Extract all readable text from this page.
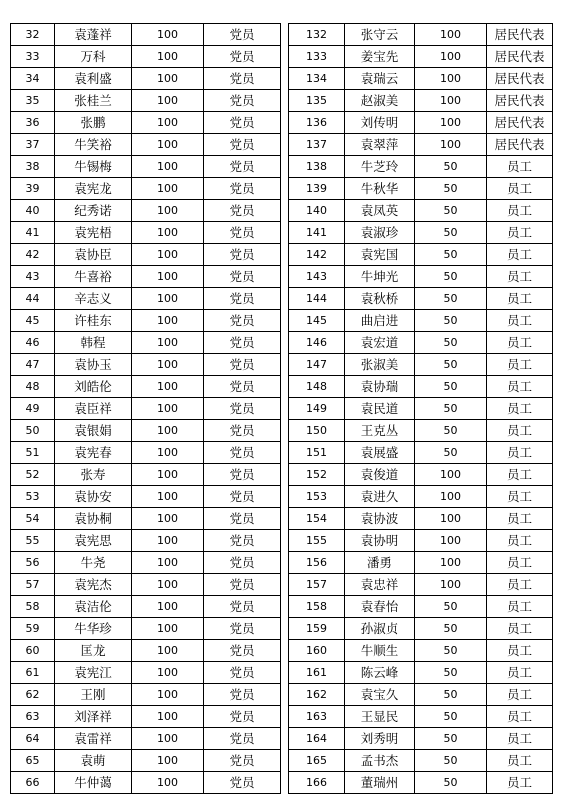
32	袁蓬祥	100	党员
33	万科	100	党员
34	袁利盛	100	党员
35	张桂兰	100	党员
36	张鹏	100	党员
37	牛笑裕	100	党员
38	牛锡梅	100	党员
39	袁宪龙	100	党员
40	纪秀诺	100	党员
41	袁宪梧	100	党员
42	袁协臣	100	党员
43	牛喜裕	100	党员
44	辛志义	100	党员
45	许桂东	100	党员
46	韩程	100	党员
47	袁协玉	100	党员
48	刘皓伦	100	党员
49	袁臣祥	100	党员
50	袁银娟	100	党员
51	袁宪春	100	党员
52	张寿	100	党员
53	袁协安	100	党员
54	袁协桐	100	党员
55	袁宪思	100	党员
56	牛尧	100	党员
57	袁宪杰	100	党员
58	袁洁伦	100	党员
59	牛华珍	100	党员
60	匡龙	100	党员
61	袁宪江	100	党员
62	王刚	100	党员
63	刘泽祥	100	党员
64	袁雷祥	100	党员
65	袁萌	100	党员
66	牛仲蔼	100	党员
132	张守云	100	居民代表
133	姜宝先	100	居民代表
134	袁瑞云	100	居民代表
135	赵淑美	100	居民代表
136	刘传明	100	居民代表
137	袁翠萍	100	居民代表
138	牛芝玲	50	员工
139	牛秋华	50	员工
140	袁凤英	50	员工
141	袁淑珍	50	员工
142	袁宪国	50	员工
143	牛坤光	50	员工
144	袁秋桥	50	员工
145	曲启进	50	员工
146	袁宏道	50	员工
147	张淑美	50	员工
148	袁协瑞	50	员工
149	袁民道	50	员工
150	王克丛	50	员工
151	袁展盛	50	员工
152	袁俊道	100	员工
153	袁进久	100	员工
154	袁协波	100	员工
155	袁协明	100	员工
156	潘勇	100	员工
157	袁忠祥	100	员工
158	袁春怡	50	员工
159	孙淑贞	50	员工
160	牛顺生	50	员工
161	陈云峰	50	员工
162	袁宝久	50	员工
163	王显民	50	员工
164	刘秀明	50	员工
165	孟书杰	50	员工
166	董瑞州	50	员工
